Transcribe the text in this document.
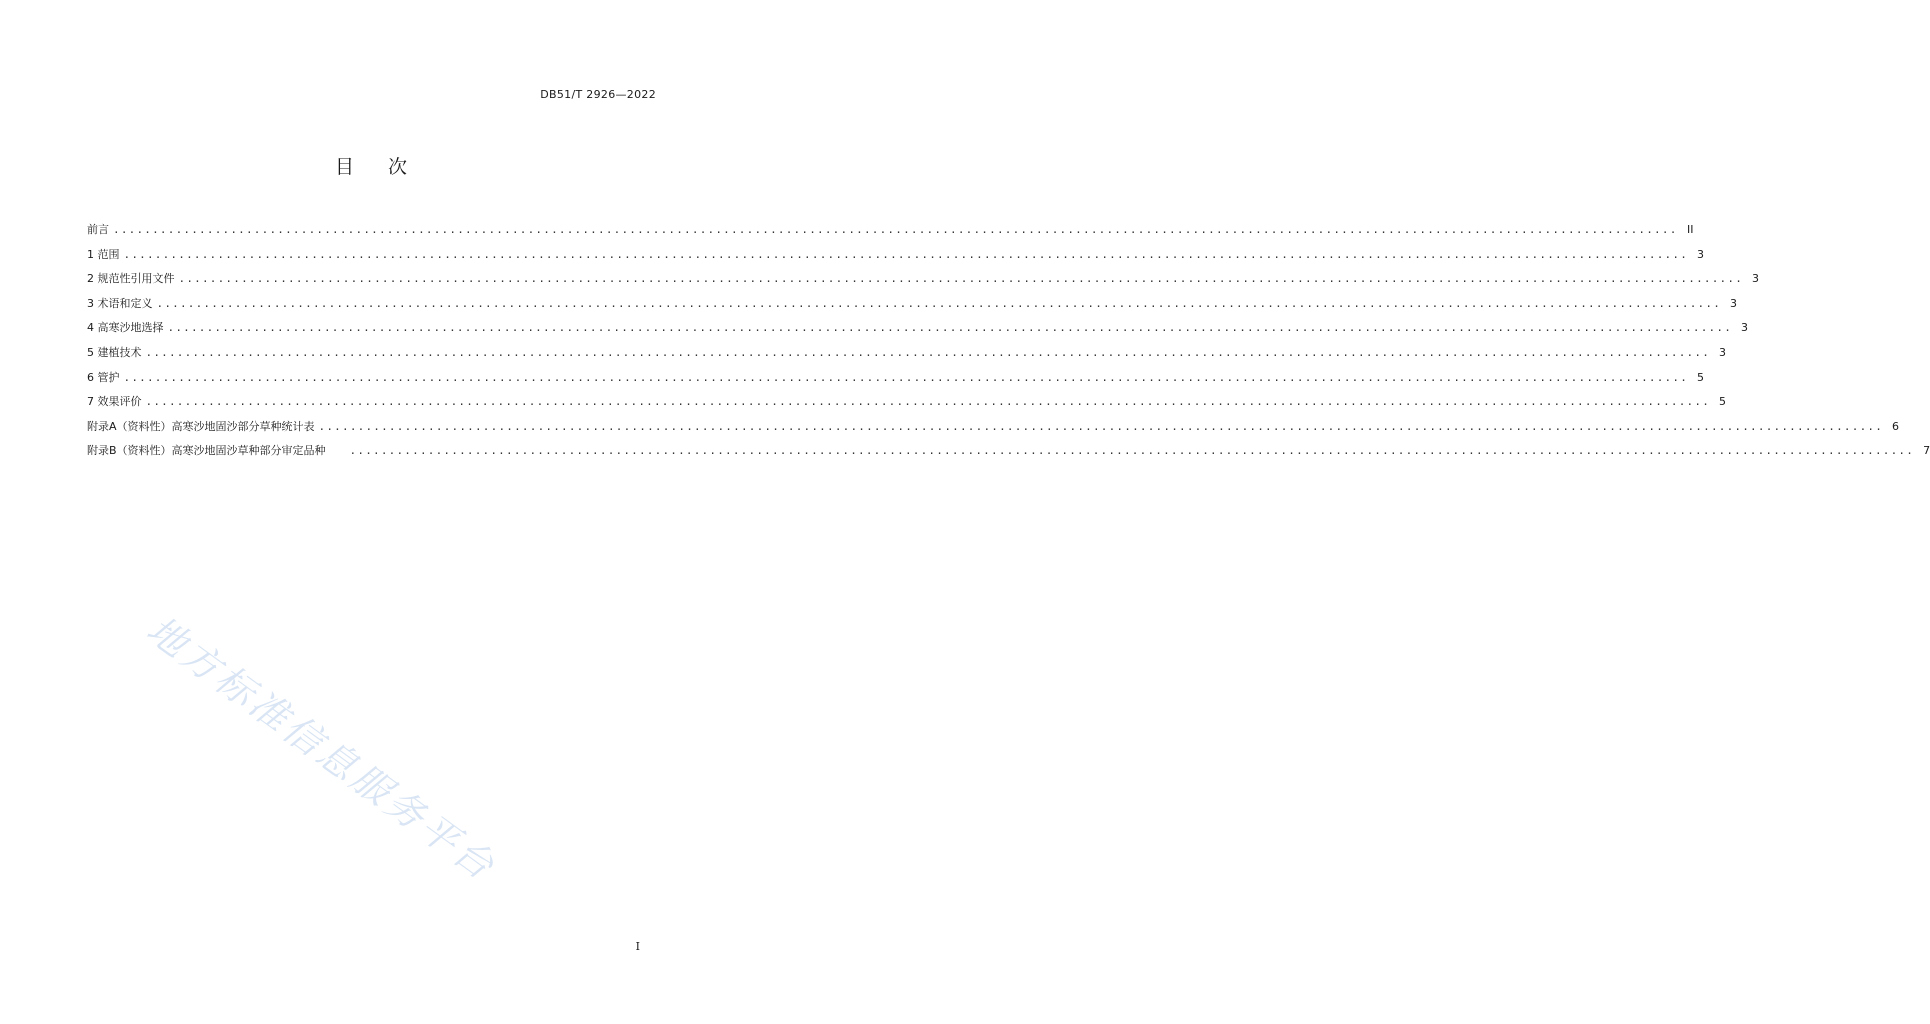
DB51/T 2926—2022
目 次
前言 ........................................................................................................................................................................................................ II
1 范围 ........................................................................................................................................................................................................ 3
2 规范性引用文件 ........................................................................................................................................................................................................ 3
3 术语和定义 ........................................................................................................................................................................................................ 3
4 高寒沙地选择 ........................................................................................................................................................................................................ 3
5 建植技术 ........................................................................................................................................................................................................ 3
6 管护 ........................................................................................................................................................................................................ 5
7 效果评价 ........................................................................................................................................................................................................ 5
附录A（资料性）高寒沙地固沙部分草种统计表 ........................................................................................................................................................................................................ 6
附录B（资料性）高寒沙地固沙草种部分审定品种	........................................................................................................................................................................................................ 7
地方标准信息服务平台
I
